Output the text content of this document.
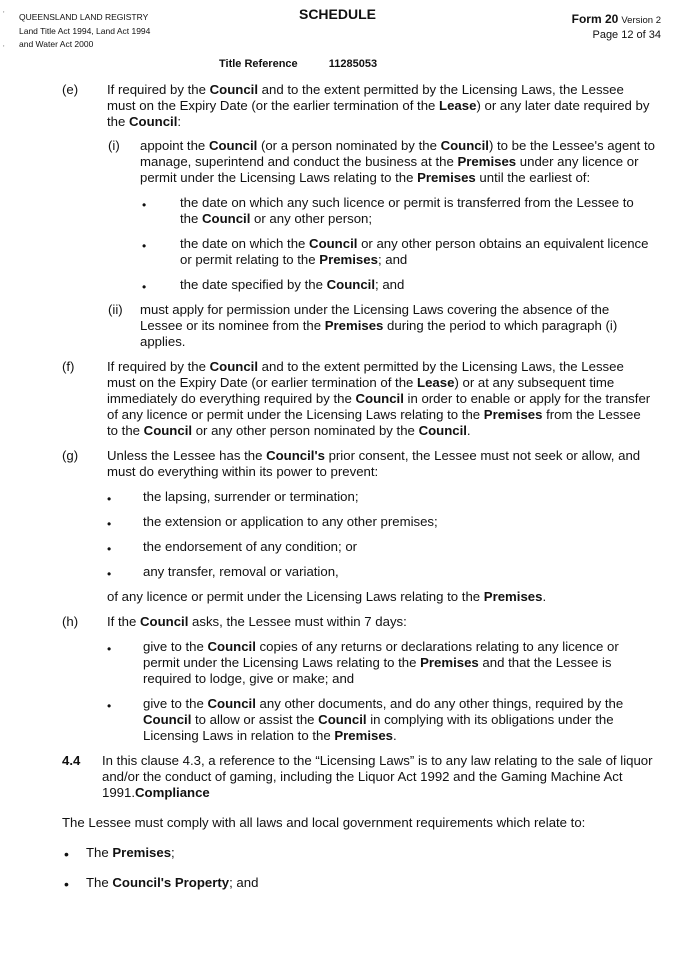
QUEENSLAND LAND REGISTRY
Land Title Act 1994, Land Act 1994
and Water Act 2000
'
'
SCHEDULE	Form 20 Version 2
Page 12 of 34
Title Reference	11285053
(e) If required by the Council and to the extent permitted by the Licensing Laws, the Lessee must on the Expiry Date (or the earlier termination of the Lease) or any later date required by the Council:
(i) appoint the Council (or a person nominated by the Council) to be the Lessee's agent to manage, superintend and conduct the business at the Premises under any licence or permit under the Licensing Laws relating to the Premises until the earliest of:
•	the date on which any such licence or permit is transferred from the Lessee to the Council or any other person;
•	the date on which the Council or any other person obtains an equivalent licence or permit relating to the Premises; and
•	the date specified by the Council; and
(ii) must apply for permission under the Licensing Laws covering the absence of the Lessee or its nominee from the Premises during the period to which paragraph (i) applies.
(f) If required by the Council and to the extent permitted by the Licensing Laws, the Lessee must on the Expiry Date (or earlier termination of the Lease) or at any subsequent time immediately do everything required by the Council in order to enable or apply for the transfer of any licence or permit under the Licensing Laws relating to the Premises from the Lessee to the Council or any other person nominated by the Council.
(g) Unless the Lessee has the Council's prior consent, the Lessee must not seek or allow, and must do everything within its power to prevent:
• the lapsing, surrender or termination;
• the extension or application to any other premises;
• the endorsement of any condition; or
• any transfer, removal or variation,
of any licence or permit under the Licensing Laws relating to the Premises.
(h) If the Council asks, the Lessee must within 7 days:
• give to the Council copies of any returns or declarations relating to any licence or permit under the Licensing Laws relating to the Premises and that the Lessee is required to lodge, give or make; and
• give to the Council any other documents, and do any other things, required by the Council to allow or assist the Council in complying with its obligations under the Licensing Laws in relation to the Premises.
4.4 In this clause 4.3, a reference to the “Licensing Laws” is to any law relating to the sale of liquor and/or the conduct of gaming, including the Liquor Act 1992 and the Gaming Machine Act 1991.Compliance
The Lessee must comply with all laws and local government requirements which relate to:
• The Premises;
• The Council's Property; and
